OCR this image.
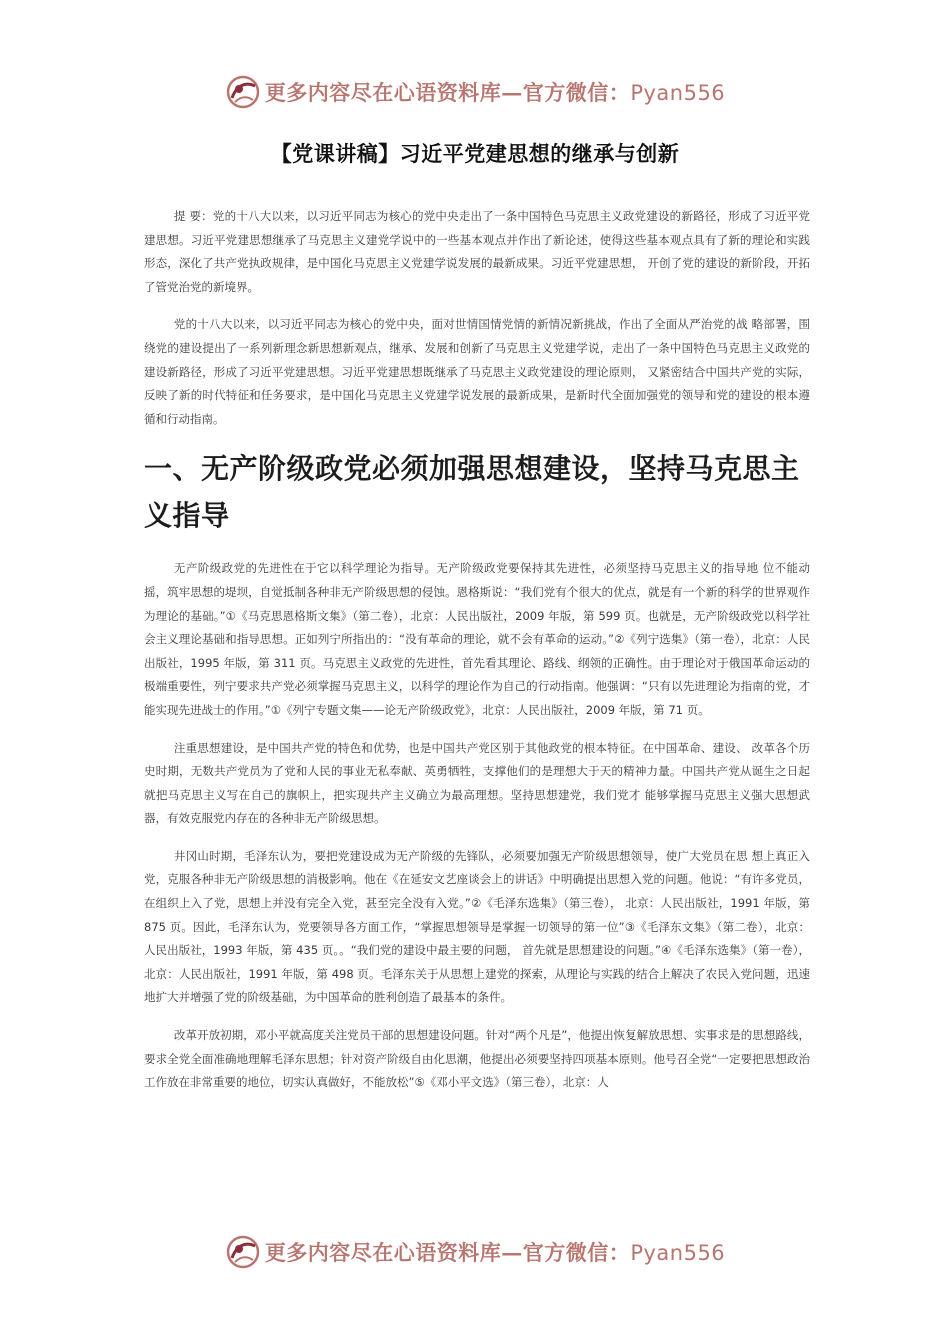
更多内容尽在心语资料库—官方微信：Pyan556
【党课讲稿】习近平党建思想的继承与创新

提 要：党的十八大以来，以习近平同志为核心的党中央走出了一条中国特色马克思主义政党建设的新路径，形成了习近平党建思想。习近平党建思想继承了马克思主义建党学说中的一些基本观点并作出了新论述，使得这些基本观点具有了新的理论和实践形态，深化了共产党执政规律，是中国化马克思主义党建学说发展的最新成果。习近平党建思想， 开创了党的建设的新阶段，开拓了管党治党的新境界。

党的十八大以来，以习近平同志为核心的党中央，面对世情国情党情的新情况新挑战，作出了全面从严治党的战 略部署，围绕党的建设提出了一系列新理念新思想新观点，继承、发展和创新了马克思主义党建学说，走出了一条中国特色马克思主义政党的建设新路径，形成了习近平党建思想。习近平党建思想既继承了马克思主义政党建设的理论原则， 又紧密结合中国共产党的实际，反映了新的时代特征和任务要求，是中国化马克思主义党建学说发展的最新成果，是新时代全面加强党的领导和党的建设的根本遵循和行动指南。

一、无产阶级政党必须加强思想建设，坚持马克思主义指导

无产阶级政党的先进性在于它以科学理论为指导。无产阶级政党要保持其先进性，必须坚持马克思主义的指导地 位不能动摇，筑牢思想的堤坝，自觉抵制各种非无产阶级思想的侵蚀。恩格斯说：“我们党有个很大的优点，就是有一个新的科学的世界观作为理论的基础。”①《马克思恩格斯文集》（第二卷），北京：人民出版社，2009 年版，第 599 页。也就是，无产阶级政党以科学社会主义理论基础和指导思想。正如列宁所指出的：“没有革命的理论，就不会有革命的运动。”②《列宁选集》（第一卷），北京：人民出版社，1995 年版，第 311 页。马克思主义政党的先进性，首先看其理论、路线、纲领的正确性。由于理论对于俄国革命运动的极端重要性，列宁要求共产党必须掌握马克思主义，以科学的理论作为自己的行动指南。他强调：“只有以先进理论为指南的党，才能实现先进战士的作用。”①《列宁专题文集——论无产阶级政党》，北京：人民出版社，2009 年版，第 71 页。

注重思想建设，是中国共产党的特色和优势，也是中国共产党区别于其他政党的根本特征。在中国革命、建设、 改革各个历史时期，无数共产党员为了党和人民的事业无私奉献、英勇牺牲，支撑他们的是理想大于天的精神力量。中国共产党从诞生之日起就把马克思主义写在自己的旗帜上，把实现共产主义确立为最高理想。坚持思想建党，我们党才 能够掌握马克思主义强大思想武器，有效克服党内存在的各种非无产阶级思想。

井冈山时期，毛泽东认为，要把党建设成为无产阶级的先锋队，必须要加强无产阶级思想领导，使广大党员在思 想上真正入党，克服各种非无产阶级思想的消极影响。他在《在延安文艺座谈会上的讲话》中明确提出思想入党的问题。他说：“有许多党员，在组织上入了党，思想上并没有完全入党，甚至完全没有入党。”②《毛泽东选集》（第三卷）， 北京：人民出版社，1991 年版，第 875 页。因此，毛泽东认为，党要领导各方面工作，“掌握思想领导是掌握一切领导的第一位”③《毛泽东文集》（第二卷），北京：人民出版社，1993 年版，第 435 页。。“我们党的建设中最主要的问题， 首先就是思想建设的问题。”④《毛泽东选集》（第一卷），北京：人民出版社，1991 年版，第 498 页。毛泽东关于从思想上建党的探索，从理论与实践的结合上解决了农民入党问题，迅速地扩大并增强了党的阶级基础，为中国革命的胜利创造了最基本的条件。

改革开放初期，邓小平就高度关注党员干部的思想建设问题。针对“两个凡是”，他提出恢复解放思想、实事求是的思想路线，要求全党全面准确地理解毛泽东思想；针对资产阶级自由化思潮，他提出必须要坚持四项基本原则。他号召全党“一定要把思想政治工作放在非常重要的地位，切实认真做好，不能放松”⑤《邓小平文选》（第三卷），北京：人

更多内容尽在心语资料库—官方微信：Pyan556
